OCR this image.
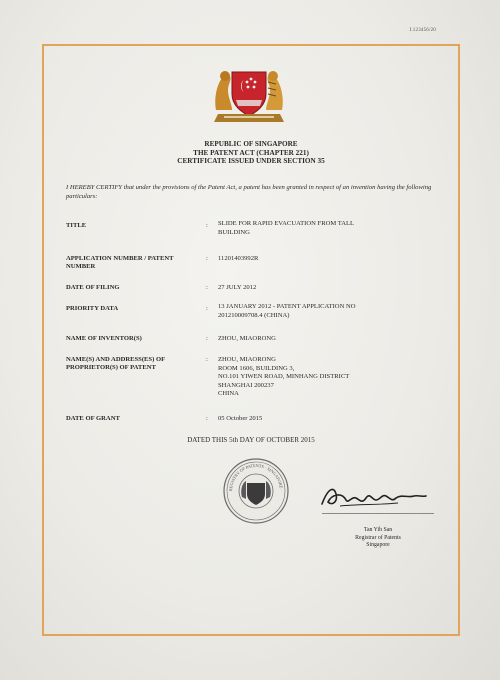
I.123456/20
REPUBLIC OF SINGAPORE
THE PATENT ACT (CHAPTER 221)
CERTIFICATE ISSUED UNDER SECTION 35
I HEREBY CERTIFY that under the provisions of the Patent Act, a patent has been granted in respect of an invention having the following particulars:
TITLE	: SLIDE FOR RAPID EVACUATION FROM TALL
BUILDING
APPLICATION NUMBER / PATENT NUMBER
: 11201403992R
DATE OF FILING	: 27 JULY 2012
PRIORITY DATA	: 13 JANUARY 2012 - PATENT APPLICATION NO
201210009708.4 (CHINA)
NAME OF INVENTOR(S)	: ZHOU, MIAORONG
NAME(S) AND ADDRESS(ES) OF PROPRIETOR(S) OF PATENT
: ZHOU, MIAORONG
ROOM 1606, BUILDING 3,
NO.101 YIWEN ROAD, MINHANG DISTRICT
SHANGHAI 200237
CHINA
DATE OF GRANT	: 05 October 2015
DATED THIS 5th DAY OF OCTOBER 2015
REGISTRY OF PATENTS · SINGAPORE ·
Tan Yih San
Registrar of Patents
Singapore
